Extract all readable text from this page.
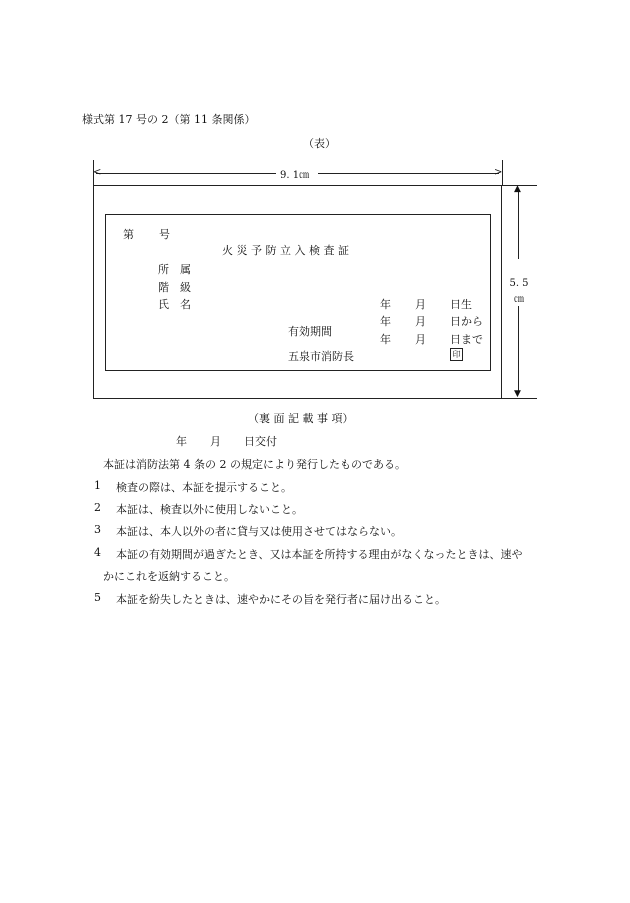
様式第 17 号の 2（第 11 条関係）
（表）
<	>
9. 1㎝
▲
▼
5. 5
㎝
第 号
火 災 予 防 立 入 検 査 証
所　属
階　級
氏　名	年 月 日生
有効期間
年 月 日から
年 月 日まで
五泉市消防長	印
（裏 面 記 載 事 項）
年 月 日交付
本証は消防法第 4 条の 2 の規定により発行したものである。
1 検査の際は、本証を提示すること。
2 本証は、検査以外に使用しないこと。
3 本証は、本人以外の者に貸与又は使用させてはならない。
4 本証の有効期間が過ぎたとき、又は本証を所持する理由がなくなったときは、速や
かにこれを返納すること。
5 本証を紛失したときは、速やかにその旨を発行者に届け出ること。
